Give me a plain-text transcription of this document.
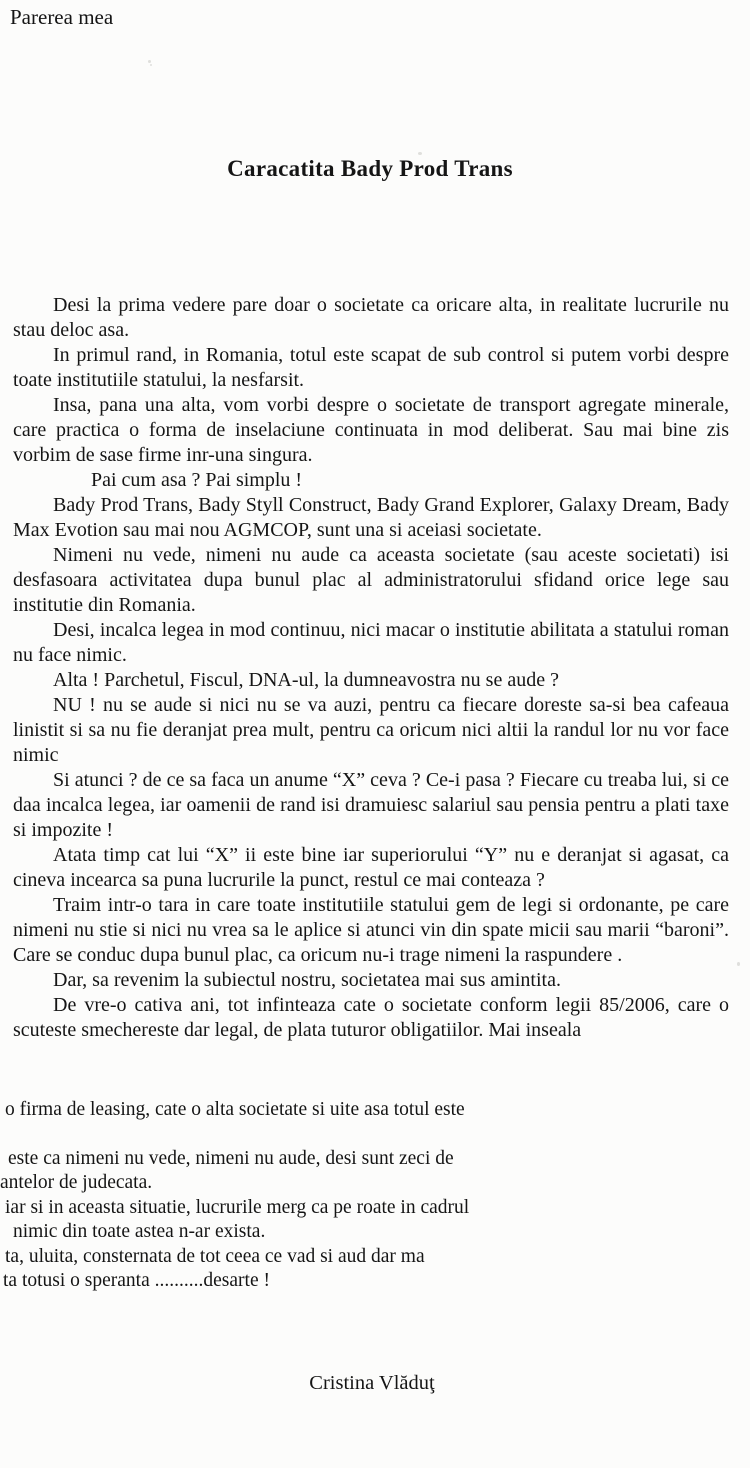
Parerea mea
Caracatita Bady Prod Trans

Desi la prima vedere pare doar o societate ca oricare alta, in realitate lucrurile nu stau deloc asa.

In primul rand, in Romania, totul este scapat de sub control si putem vorbi despre toate institutiile statului, la nesfarsit.

Insa, pana una alta, vom vorbi despre o societate de transport agregate minerale, care practica o forma de inselaciune continuata in mod deliberat. Sau mai bine zis vorbim de sase firme inr-una singura.

Pai cum asa ? Pai simplu !

Bady Prod Trans, Bady Styll Construct, Bady Grand Explorer, Galaxy Dream, Bady Max Evotion sau mai nou AGMCOP, sunt una si aceiasi societate.

Nimeni nu vede, nimeni nu aude ca aceasta societate (sau aceste societati) isi desfasoara activitatea dupa bunul plac al administratorului sfidand orice lege sau institutie din Romania.

Desi, incalca legea in mod continuu, nici macar o institutie abilitata a statului roman nu face nimic.

Alta ! Parchetul, Fiscul, DNA-ul, la dumneavostra nu se aude ?

NU ! nu se aude si nici nu se va auzi, pentru ca fiecare doreste sa-si bea cafeaua linistit si sa nu fie deranjat prea mult, pentru ca oricum nici altii la randul lor nu vor face nimic

Si atunci ? de ce sa faca un anume “X” ceva ? Ce-i pasa ? Fiecare cu treaba lui, si ce daa incalca legea, iar oamenii de rand isi dramuiesc salariul sau pensia pentru a plati taxe si impozite !

Atata timp cat lui “X” ii este bine iar superiorului “Y” nu e deranjat si agasat, ca cineva incearca sa puna lucrurile la punct, restul ce mai conteaza ?

Traim intr-o tara in care toate institutiile statului gem de legi si ordonante, pe care nimeni nu stie si nici nu vrea sa le aplice si atunci vin din spate micii sau marii “baroni”. Care se conduc dupa bunul plac, ca oricum nu-i trage nimeni la raspundere .

Dar, sa revenim la subiectul nostru, societatea mai sus amintita.

De vre-o cativa ani, tot infinteaza cate o societate conform legii 85/2006, care o scuteste smechereste dar legal, de plata tuturor obligatiilor. Mai inseala

o firma de leasing, cate o alta societate si uite asa totul este
este ca nimeni nu vede, nimeni nu aude, desi sunt zeci de
antelor de judecata.
iar si in aceasta situatie, lucrurile merg ca pe roate in cadrul
nimic din toate astea n-ar exista.
ta, uluita, consternata de tot ceea ce vad si aud dar ma
ta totusi o speranta ..........desarte !
Cristina Vlăduţ
